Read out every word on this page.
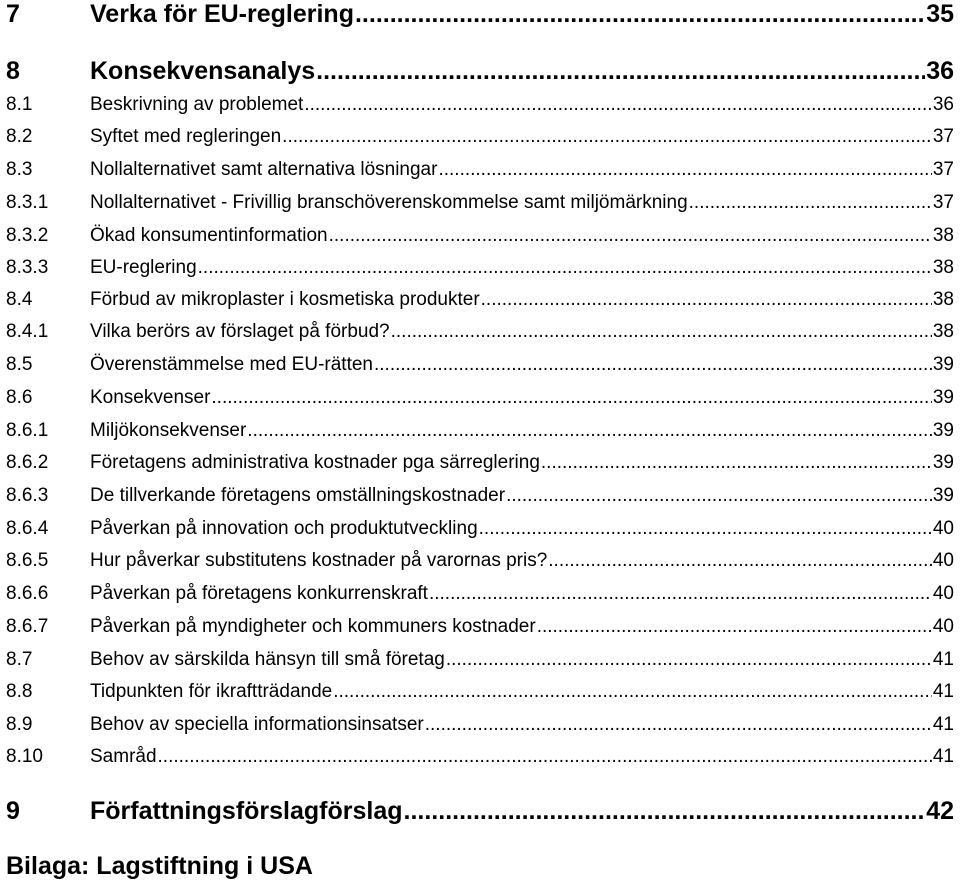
7	Verka för EU-reglering .....	35
8	Konsekvensanalys .....	36
8.1	Beskrivning av problemet .....	36
8.2	Syftet med regleringen .....	37
8.3	Nollalternativet samt alternativa lösningar .....	37
8.3.1 Nollalternativet - Frivillig branschöverenskommelse samt miljömärkning .....	37
8.3.2 Ökad konsumentinformation .....	38
8.3.3 EU-reglering .....	38
8.4	Förbud av mikroplaster i kosmetiska produkter .....	38
8.4.1 Vilka berörs av förslaget på förbud? .....	38
8.5	Överenstämmelse med EU-rätten .....	39
8.6	Konsekvenser .....	39
8.6.1 Miljökonsekvenser .....	39
8.6.2 Företagens administrativa kostnader pga särreglering .....	39
8.6.3 De tillverkande företagens omställningskostnader .....	39
8.6.4 Påverkan på innovation och produktutveckling .....	40
8.6.5 Hur påverkar substitutens kostnader på varornas pris? .....	40
8.6.6 Påverkan på företagens konkurrenskraft .....	40
8.6.7 Påverkan på myndigheter och kommuners kostnader .....	40
8.7	Behov av särskilda hänsyn till små företag .....	41
8.8	Tidpunkten för ikraftträdande .....	41
8.9	Behov av speciella informationsinsatser .....	41
8.10 Samråd .....	41
9	Författningsförslagförslag .....	42
Bilaga: Lagstiftning i USA
